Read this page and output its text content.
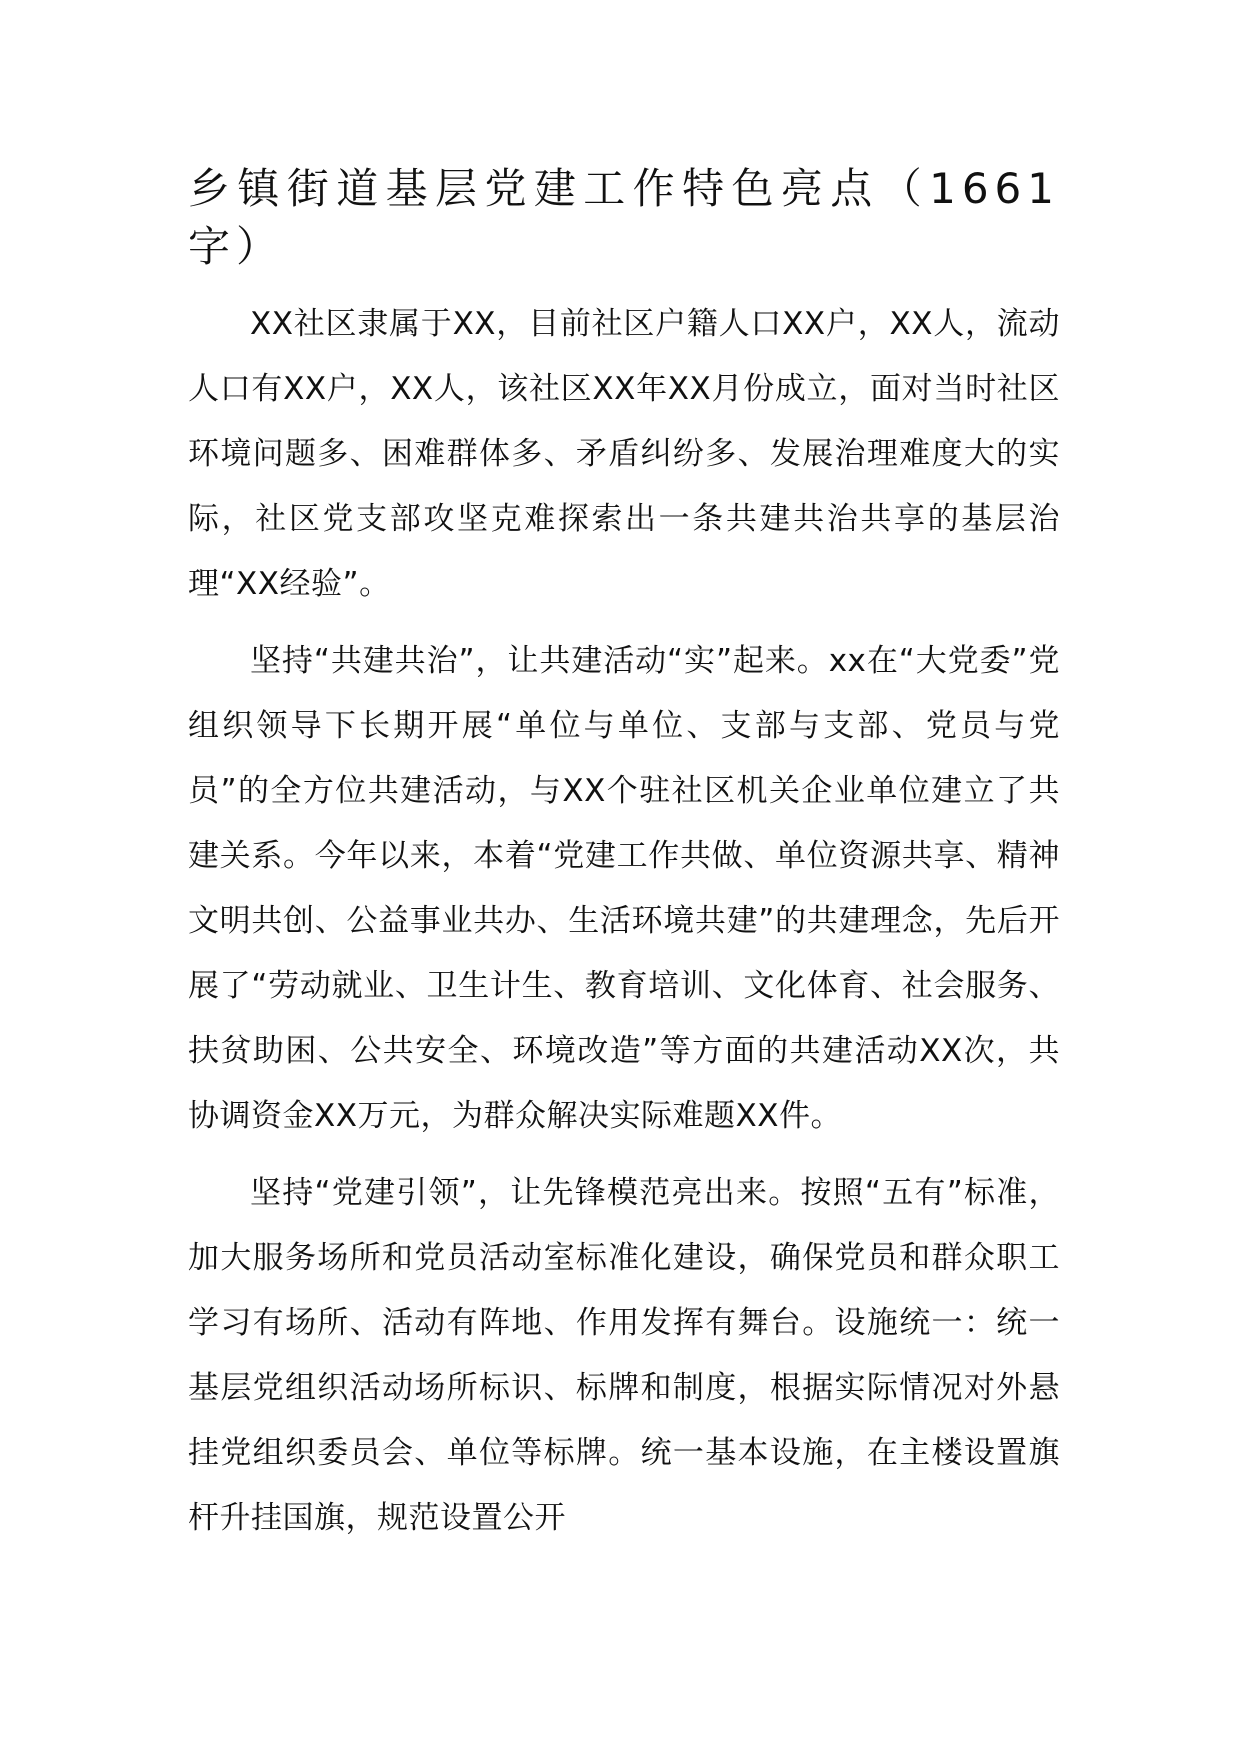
乡镇街道基层党建工作特色亮点（1661字）

XX社区隶属于XX，目前社区户籍人口XX户，XX人，流动人口有XX户，XX人，该社区XX年XX月份成立，面对当时社区环境问题多、困难群体多、矛盾纠纷多、发展治理难度大的实际，社区党支部攻坚克难探索出一条共建共治共享的基层治理“XX经验”。

坚持“共建共治”，让共建活动“实”起来。xx在“大党委”党组织领导下长期开展“单位与单位、支部与支部、党员与党员”的全方位共建活动，与XX个驻社区机关企业单位建立了共建关系。今年以来，本着“党建工作共做、单位资源共享、精神文明共创、公益事业共办、生活环境共建”的共建理念，先后开展了“劳动就业、卫生计生、教育培训、文化体育、社会服务、扶贫助困、公共安全、环境改造”等方面的共建活动XX次，共协调资金XX万元，为群众解决实际难题XX件。

坚持“党建引领”，让先锋模范亮出来。按照“五有”标准，加大服务场所和党员活动室标准化建设，确保党员和群众职工学习有场所、活动有阵地、作用发挥有舞台。设施统一：统一基层党组织活动场所标识、标牌和制度，根据实际情况对外悬挂党组织委员会、单位等标牌。统一基本设施，在主楼设置旗杆升挂国旗，规范设置公开
